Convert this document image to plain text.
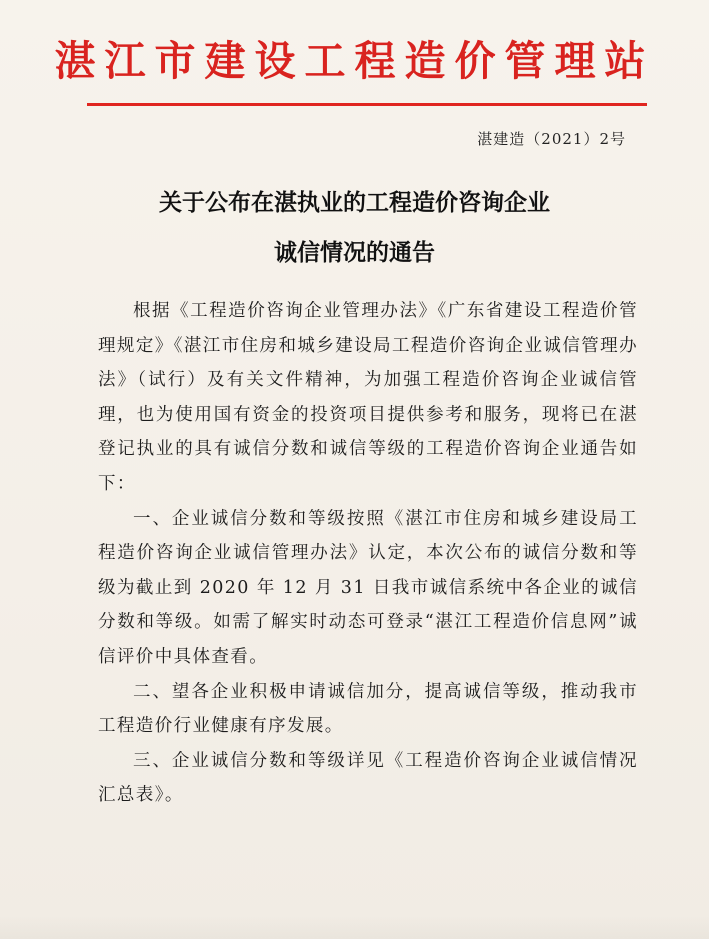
湛江市建设工程造价管理站
湛建造（2021）2号
关于公布在湛执业的工程造价咨询企业
诚信情况的通告

根据《工程造价咨询企业管理办法》《广东省建设工程造价管理规定》《湛江市住房和城乡建设局工程造价咨询企业诚信管理办法》（试行）及有关文件精神，为加强工程造价咨询企业诚信管理，也为使用国有资金的投资项目提供参考和服务，现将已在湛登记执业的具有诚信分数和诚信等级的工程造价咨询企业通告如下：

一、企业诚信分数和等级按照《湛江市住房和城乡建设局工程造价咨询企业诚信管理办法》认定，本次公布的诚信分数和等级为截止到 2020 年 12 月 31 日我市诚信系统中各企业的诚信分数和等级。如需了解实时动态可登录“湛江工程造价信息网”诚信评价中具体查看。

二、望各企业积极申请诚信加分，提高诚信等级，推动我市工程造价行业健康有序发展。

三、企业诚信分数和等级详见《工程造价咨询企业诚信情况汇总表》。
